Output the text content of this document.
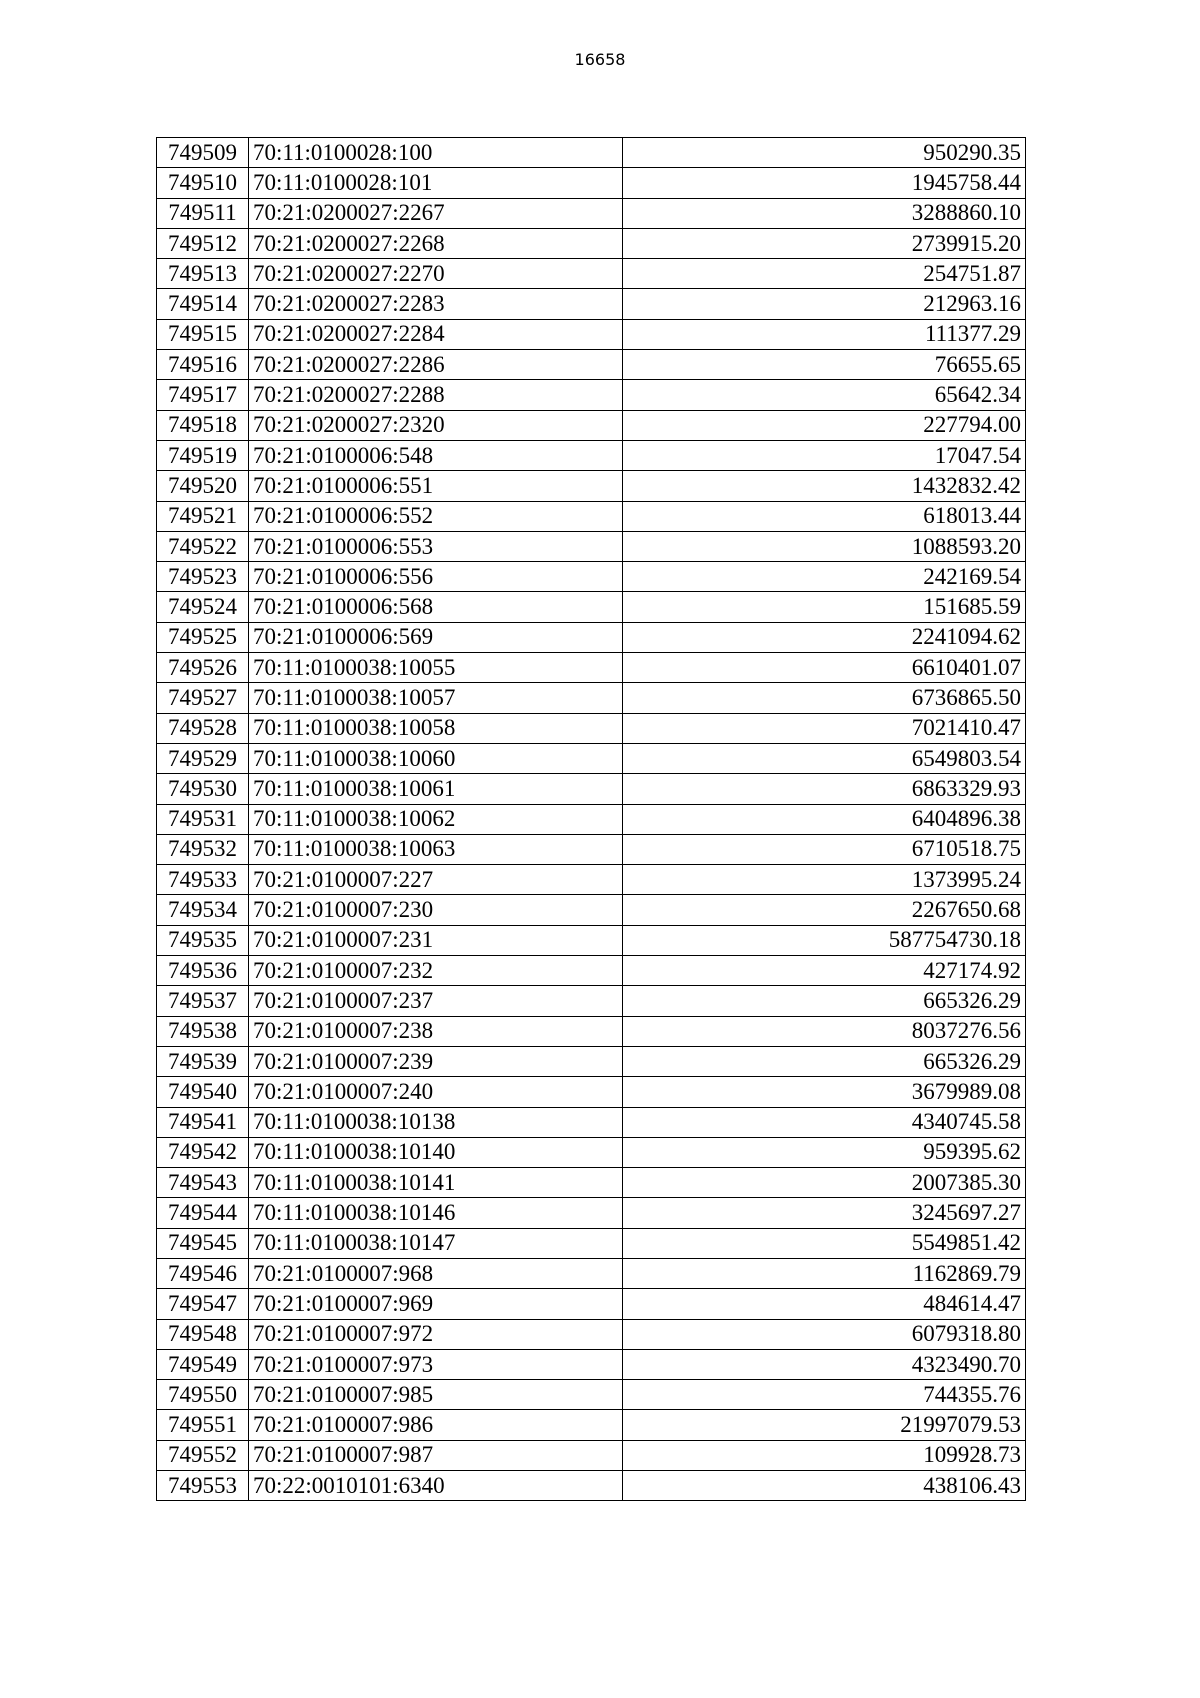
16658
749509	70:11:0100028:100	950290.35
749510	70:11:0100028:101	1945758.44
749511	70:21:0200027:2267	3288860.10
749512	70:21:0200027:2268	2739915.20
749513	70:21:0200027:2270	254751.87
749514	70:21:0200027:2283	212963.16
749515	70:21:0200027:2284	111377.29
749516	70:21:0200027:2286	76655.65
749517	70:21:0200027:2288	65642.34
749518	70:21:0200027:2320	227794.00
749519	70:21:0100006:548	17047.54
749520	70:21:0100006:551	1432832.42
749521	70:21:0100006:552	618013.44
749522	70:21:0100006:553	1088593.20
749523	70:21:0100006:556	242169.54
749524	70:21:0100006:568	151685.59
749525	70:21:0100006:569	2241094.62
749526	70:11:0100038:10055	6610401.07
749527	70:11:0100038:10057	6736865.50
749528	70:11:0100038:10058	7021410.47
749529	70:11:0100038:10060	6549803.54
749530	70:11:0100038:10061	6863329.93
749531	70:11:0100038:10062	6404896.38
749532	70:11:0100038:10063	6710518.75
749533	70:21:0100007:227	1373995.24
749534	70:21:0100007:230	2267650.68
749535	70:21:0100007:231	587754730.18
749536	70:21:0100007:232	427174.92
749537	70:21:0100007:237	665326.29
749538	70:21:0100007:238	8037276.56
749539	70:21:0100007:239	665326.29
749540	70:21:0100007:240	3679989.08
749541	70:11:0100038:10138	4340745.58
749542	70:11:0100038:10140	959395.62
749543	70:11:0100038:10141	2007385.30
749544	70:11:0100038:10146	3245697.27
749545	70:11:0100038:10147	5549851.42
749546	70:21:0100007:968	1162869.79
749547	70:21:0100007:969	484614.47
749548	70:21:0100007:972	6079318.80
749549	70:21:0100007:973	4323490.70
749550	70:21:0100007:985	744355.76
749551	70:21:0100007:986	21997079.53
749552	70:21:0100007:987	109928.73
749553	70:22:0010101:6340	438106.43
